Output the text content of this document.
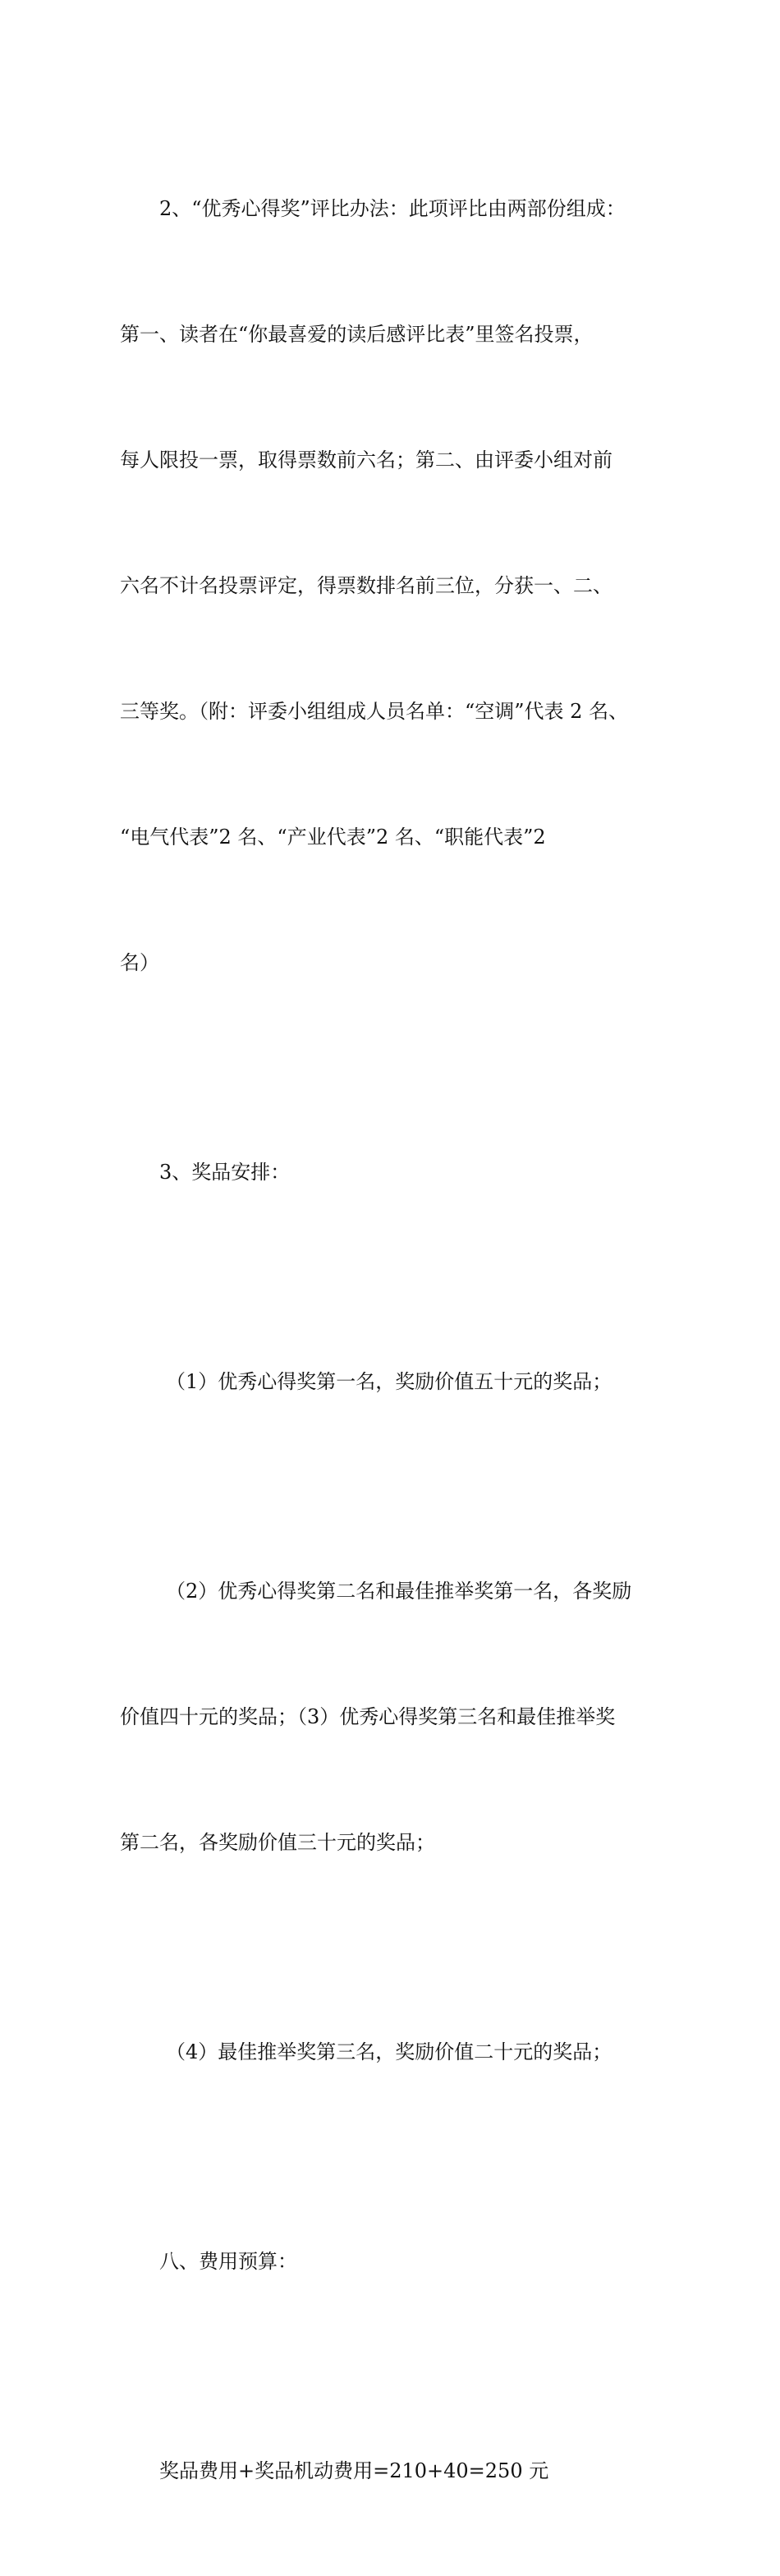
2、“优秀心得奖”评比办法：此项评比由两部份组成：

第一、读者在“你最喜爱的读后感评比表”里签名投票，

每人限投一票，取得票数前六名；第二、由评委小组对前

六名不计名投票评定，得票数排名前三位，分获一、二、

三等奖。（附：评委小组组成人员名单：“空调”代表 2 名、

“电气代表”2 名、“产业代表”2 名、“职能代表”2

名）

3、奖品安排：

（1）优秀心得奖第一名，奖励价值五十元的奖品；

（2）优秀心得奖第二名和最佳推举奖第一名，各奖励

价值四十元的奖品；（3）优秀心得奖第三名和最佳推举奖

第二名，各奖励价值三十元的奖品；

（4）最佳推举奖第三名，奖励价值二十元的奖品；

八、费用预算：

奖品费用+奖品机动费用=210+40=250 元
